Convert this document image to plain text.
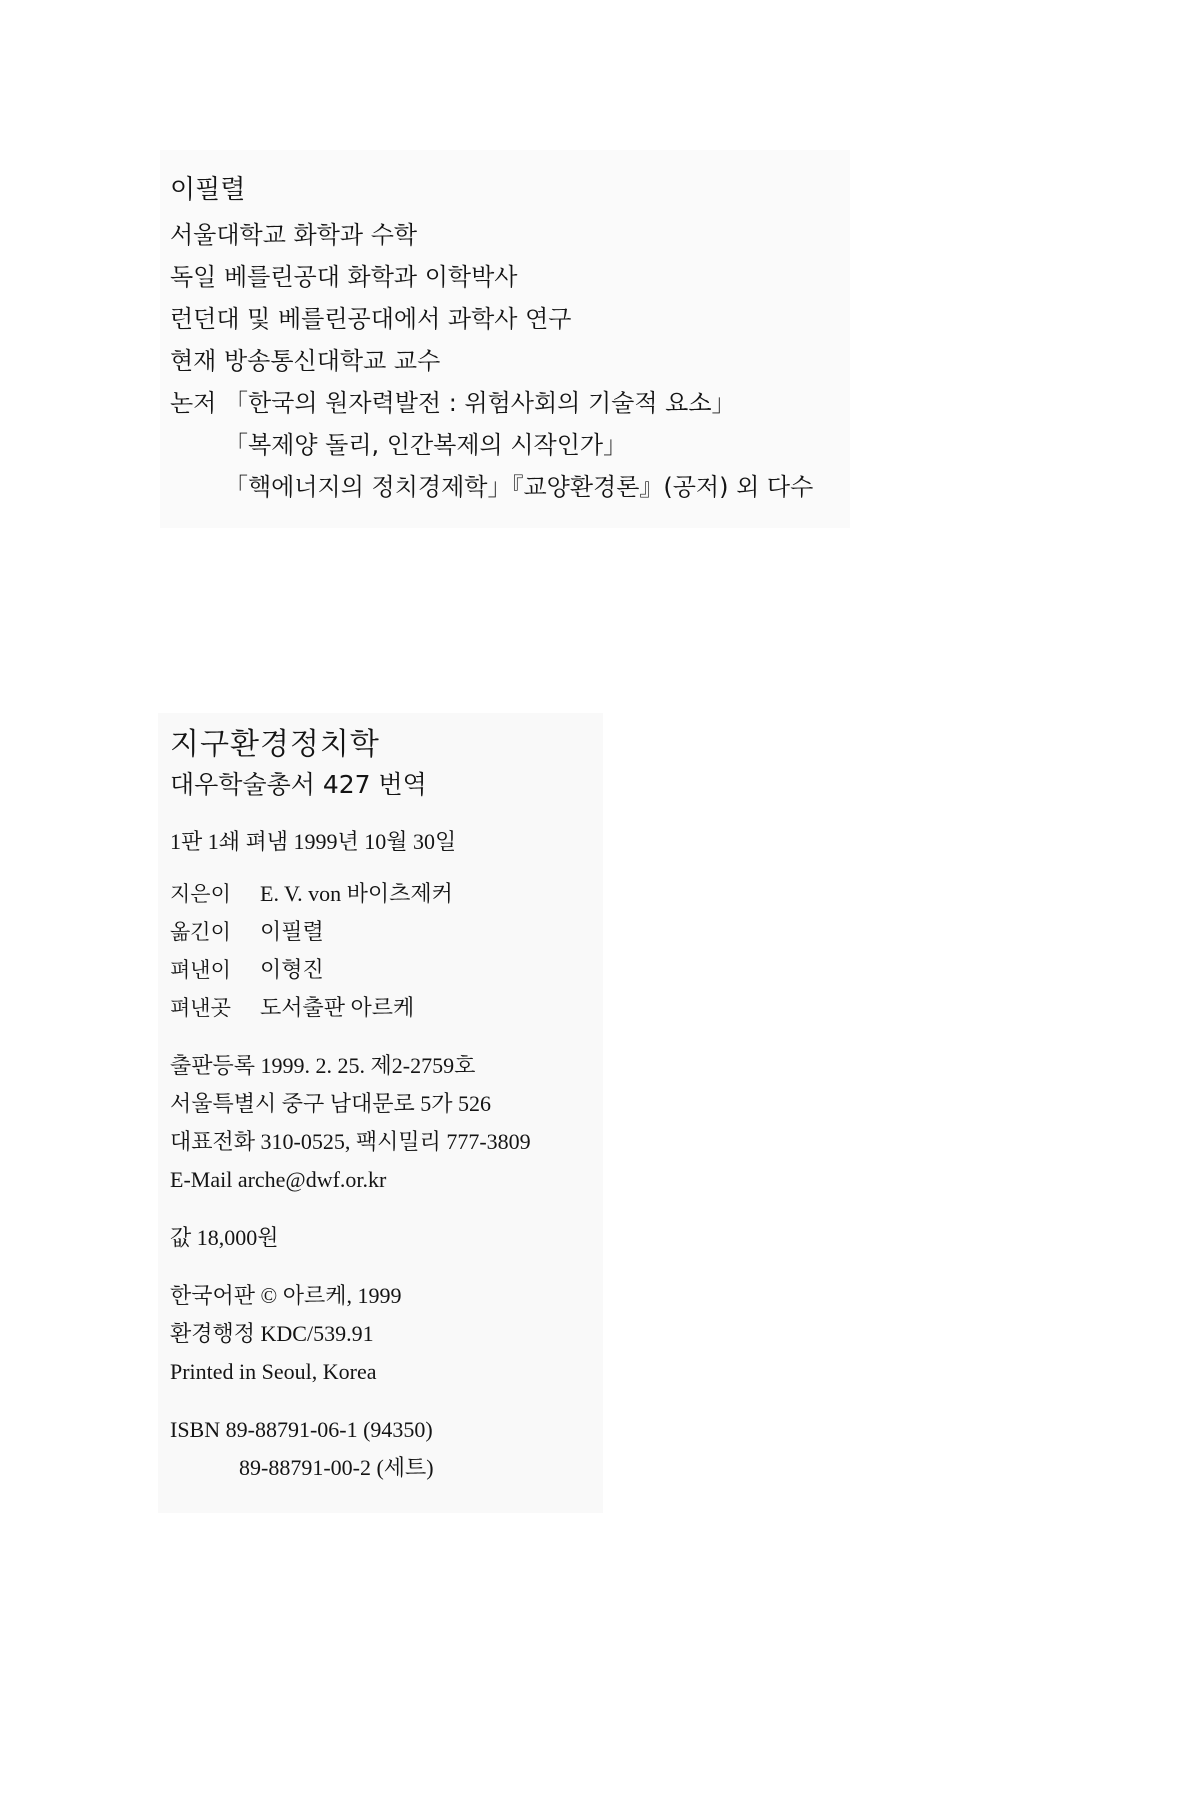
이필렬
서울대학교 화학과 수학
독일 베를린공대 화학과 이학박사
런던대 및 베를린공대에서 과학사 연구
현재 방송통신대학교 교수
논저 「한국의 원자력발전 : 위험사회의 기술적 요소」
「복제양 돌리, 인간복제의 시작인가」
「핵에너지의 정치경제학」『교양환경론』(공저) 외 다수
지구환경정치학
대우학술총서 427 번역
1판 1쇄 펴냄 1999년 10월 30일
지은이	E. V. von 바이츠제커
옮긴이	이필렬
펴낸이	이형진
펴낸곳	도서출판 아르케
출판등록 1999. 2. 25. 제2-2759호
서울특별시 중구 남대문로 5가 526
대표전화 310-0525, 팩시밀리 777-3809
E-Mail arche@dwf.or.kr
값 18,000원
한국어판 © 아르케, 1999
환경행정 KDC/539.91
Printed in Seoul, Korea
ISBN 89-88791-06-1 (94350)
89-88791-00-2 (세트)
